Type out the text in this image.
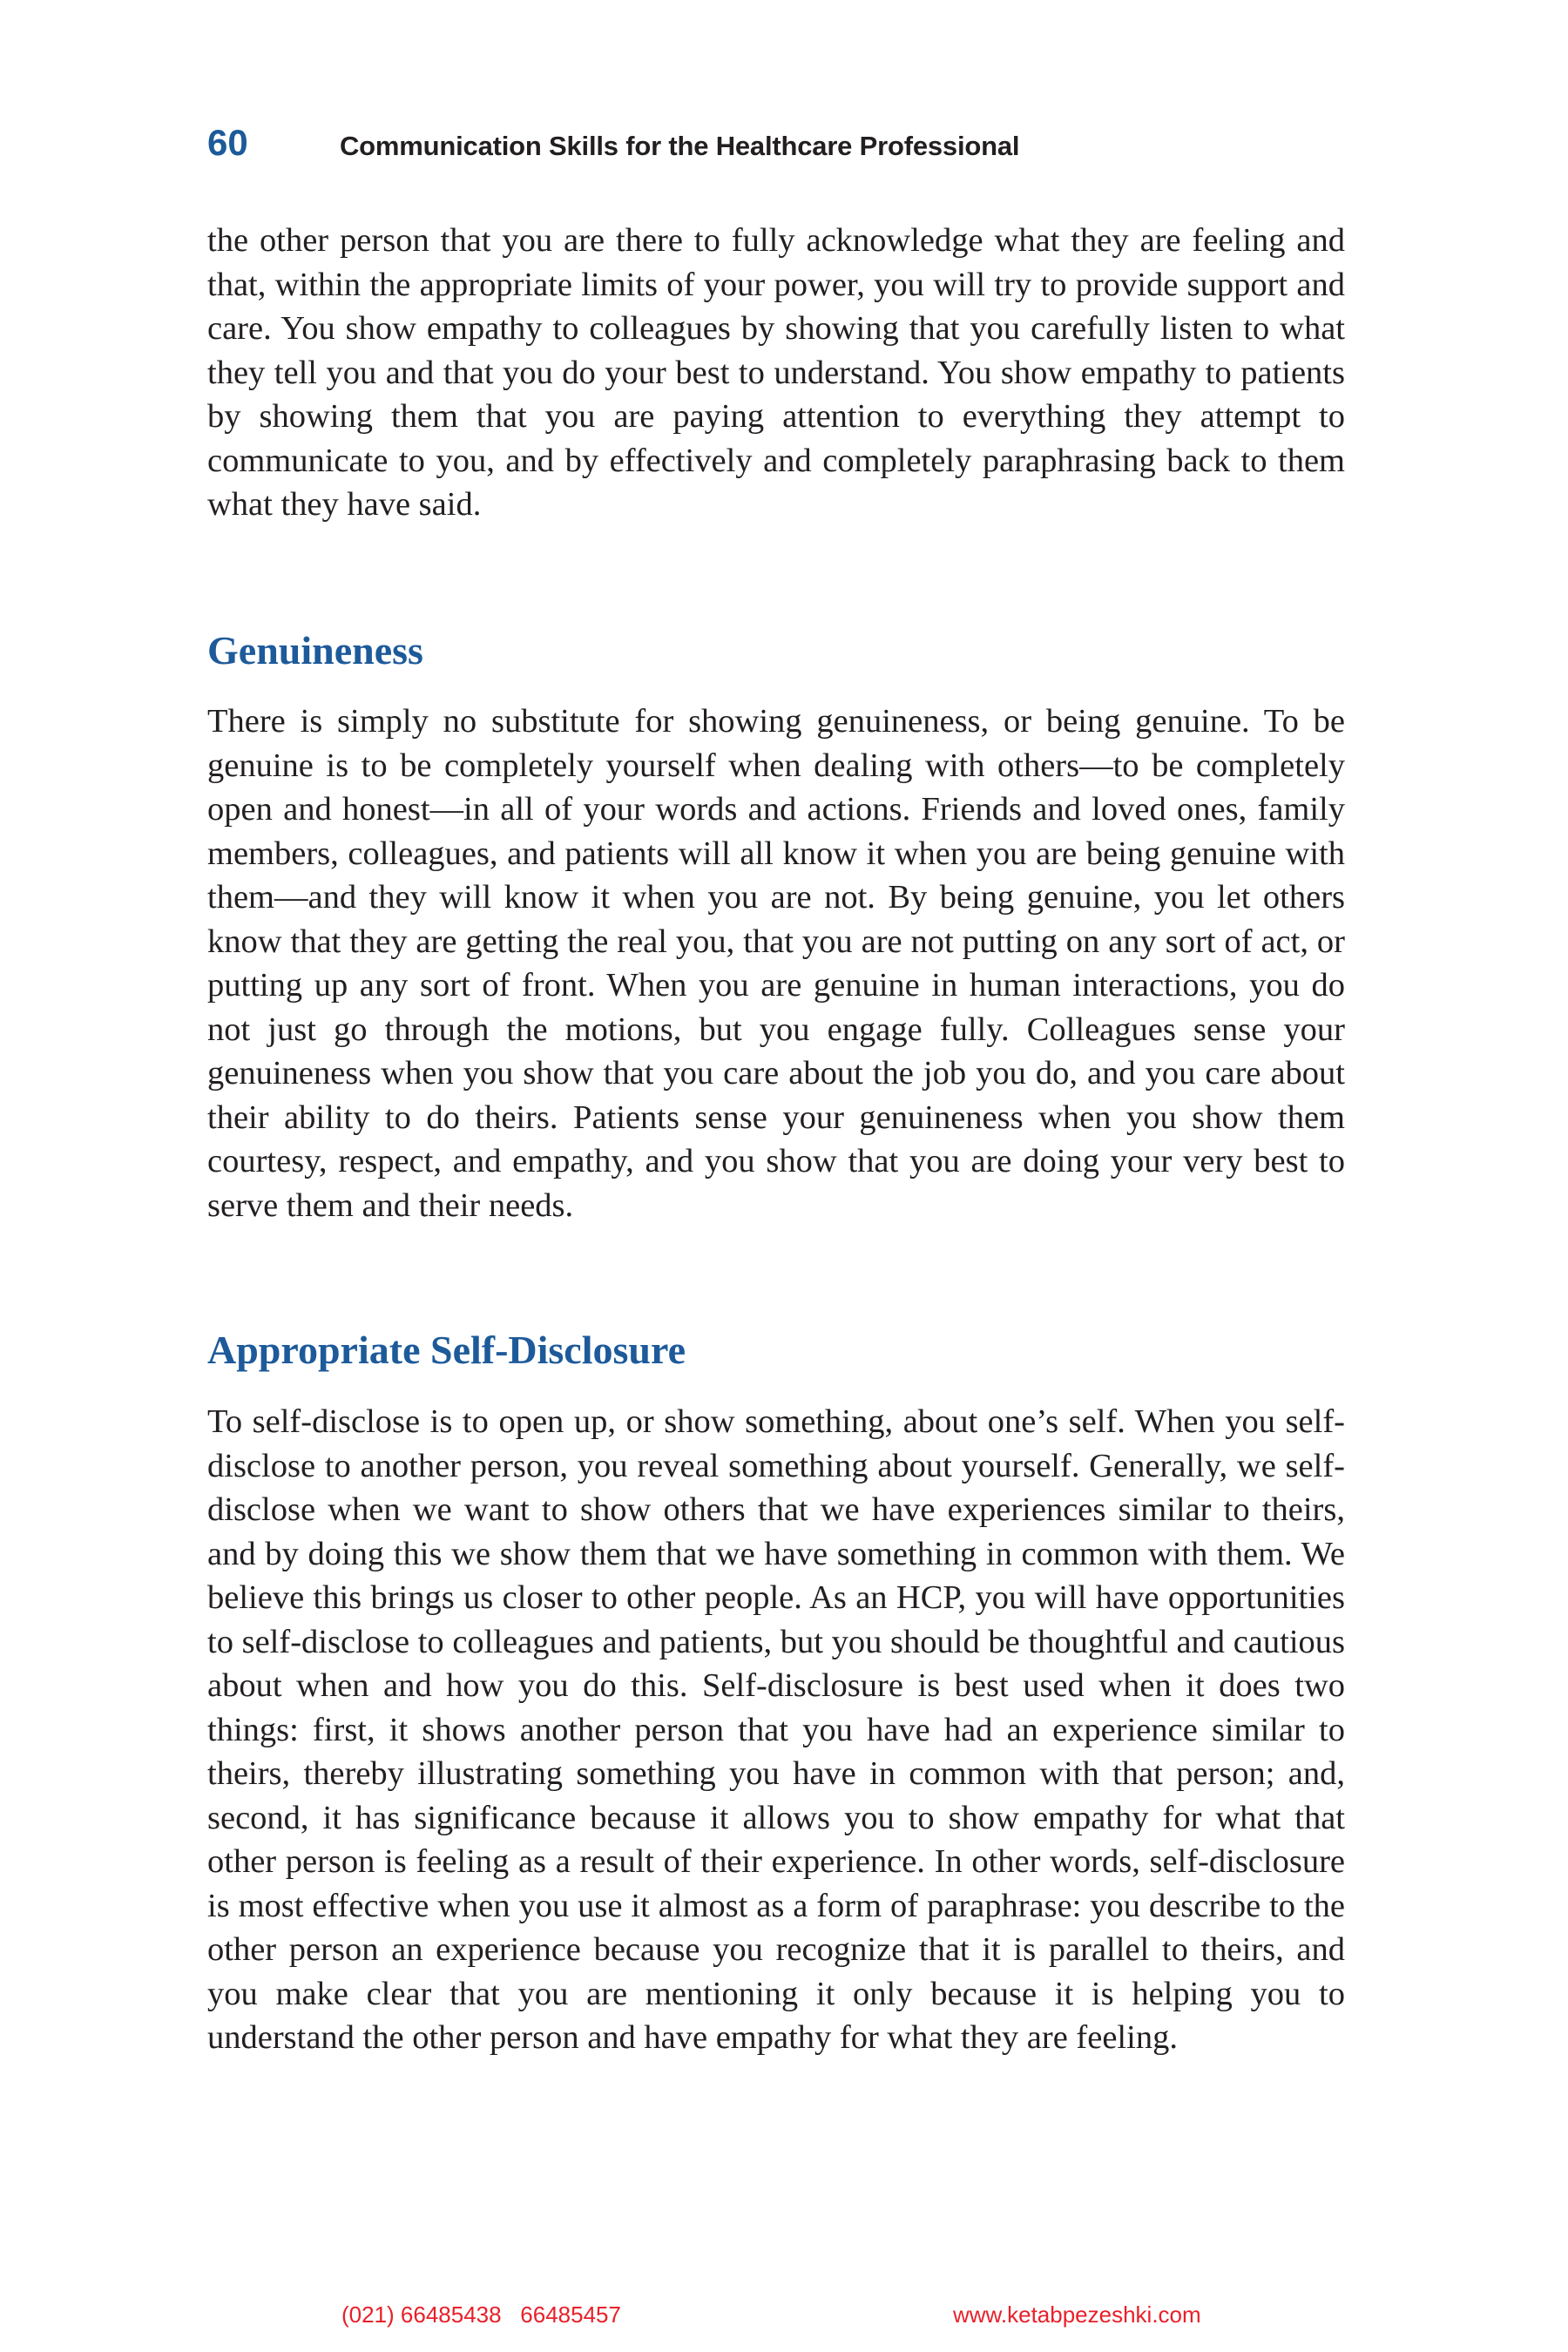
60	Communication Skills for the Healthcare Professional

the other person that you are there to fully acknowledge what they are feeling and that, within the appropriate limits of your power, you will try to provide support and care. You show empathy to colleagues by showing that you carefully listen to what they tell you and that you do your best to understand. You show empathy to patients by showing them that you are paying attention to everything they attempt to communicate to you, and by effectively and completely paraphrasing back to them what they have said.

Genuineness

There is simply no substitute for showing genuineness, or being genuine. To be genuine is to be completely yourself when dealing with others—to be completely open and honest—in all of your words and actions. Friends and loved ones, family members, colleagues, and patients will all know it when you are being genuine with them—and they will know it when you are not. By being genuine, you let others know that they are getting the real you, that you are not putting on any sort of act, or putting up any sort of front. When you are genuine in human interactions, you do not just go through the motions, but you engage fully. Colleagues sense your genuineness when you show that you care about the job you do, and you care about their ability to do theirs. Patients sense your genuineness when you show them courtesy, respect, and empathy, and you show that you are doing your very best to serve them and their needs.

Appropriate Self-Disclosure

To self-disclose is to open up, or show something, about one’s self. When you self-disclose to another person, you reveal something about yourself. Generally, we self-disclose when we want to show others that we have experiences similar to theirs, and by doing this we show them that we have something in common with them. We believe this brings us closer to other people. As an HCP, you will have opportunities to self-disclose to colleagues and patients, but you should be thoughtful and cautious about when and how you do this. Self-disclosure is best used when it does two things: first, it shows another person that you have had an experience similar to theirs, thereby illustrating something you have in common with that person; and, second, it has significance because it allows you to show empathy for what that other person is feeling as a result of their experience. In other words, self-disclosure is most effective when you use it almost as a form of paraphrase: you describe to the other person an experience because you recognize that it is parallel to theirs, and you make clear that you are mentioning it only because it is helping you to understand the other person and have empathy for what they are feeling.

(021) 66485438   66485457	www.ketabpezeshki.com
